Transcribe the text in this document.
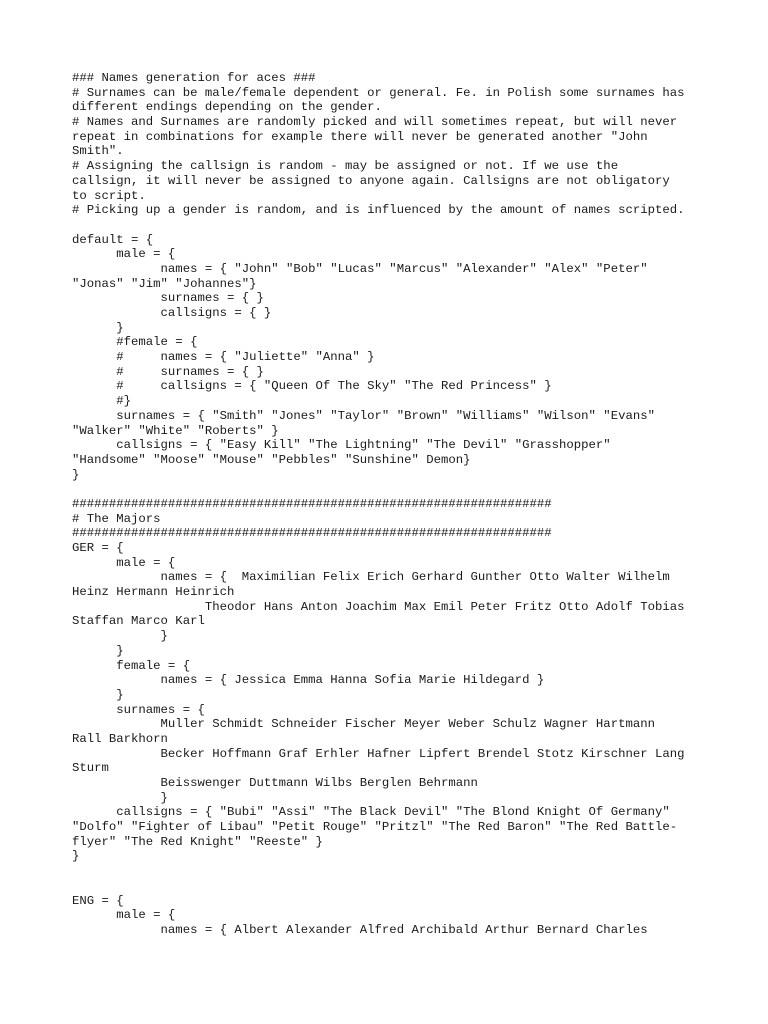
### Names generation for aces ###
# Surnames can be male/female dependent or general. Fe. in Polish some surnames has
different endings depending on the gender.
# Names and Surnames are randomly picked and will sometimes repeat, but will never
repeat in combinations for example there will never be generated another "John
Smith".
# Assigning the callsign is random - may be assigned or not. If we use the
callsign, it will never be assigned to anyone again. Callsigns are not obligatory
to script.
# Picking up a gender is random, and is influenced by the amount of names scripted.
default = {
male = {
names = { "John" "Bob" "Lucas" "Marcus" "Alexander" "Alex" "Peter"
"Jonas" "Jim" "Johannes"}
surnames = { }
callsigns = { }
}
#female = {
#     names = { "Juliette" "Anna" }
#     surnames = { }
#     callsigns = { "Queen Of The Sky" "The Red Princess" }
#}
surnames = { "Smith" "Jones" "Taylor" "Brown" "Williams" "Wilson" "Evans"
"Walker" "White" "Roberts" }
callsigns = { "Easy Kill" "The Lightning" "The Devil" "Grasshopper"
"Handsome" "Moose" "Mouse" "Pebbles" "Sunshine" Demon}
}
#################################################################
# The Majors
#################################################################
GER = {
male = {
names = {  Maximilian Felix Erich Gerhard Gunther Otto Walter Wilhelm
Heinz Hermann Heinrich
Theodor Hans Anton Joachim Max Emil Peter Fritz Otto Adolf Tobias
Staffan Marco Karl
}
}
female = {
names = { Jessica Emma Hanna Sofia Marie Hildegard }
}
surnames = {
Muller Schmidt Schneider Fischer Meyer Weber Schulz Wagner Hartmann
Rall Barkhorn
Becker Hoffmann Graf Erhler Hafner Lipfert Brendel Stotz Kirschner Lang
Sturm
Beisswenger Duttmann Wilbs Berglen Behrmann
}
callsigns = { "Bubi" "Assi" "The Black Devil" "The Blond Knight Of Germany"
"Dolfo" "Fighter of Libau" "Petit Rouge" "Pritzl" "The Red Baron" "The Red Battle-
flyer" "The Red Knight" "Reeste" }
}
ENG = {
male = {
names = { Albert Alexander Alfred Archibald Arthur Bernard Charles
